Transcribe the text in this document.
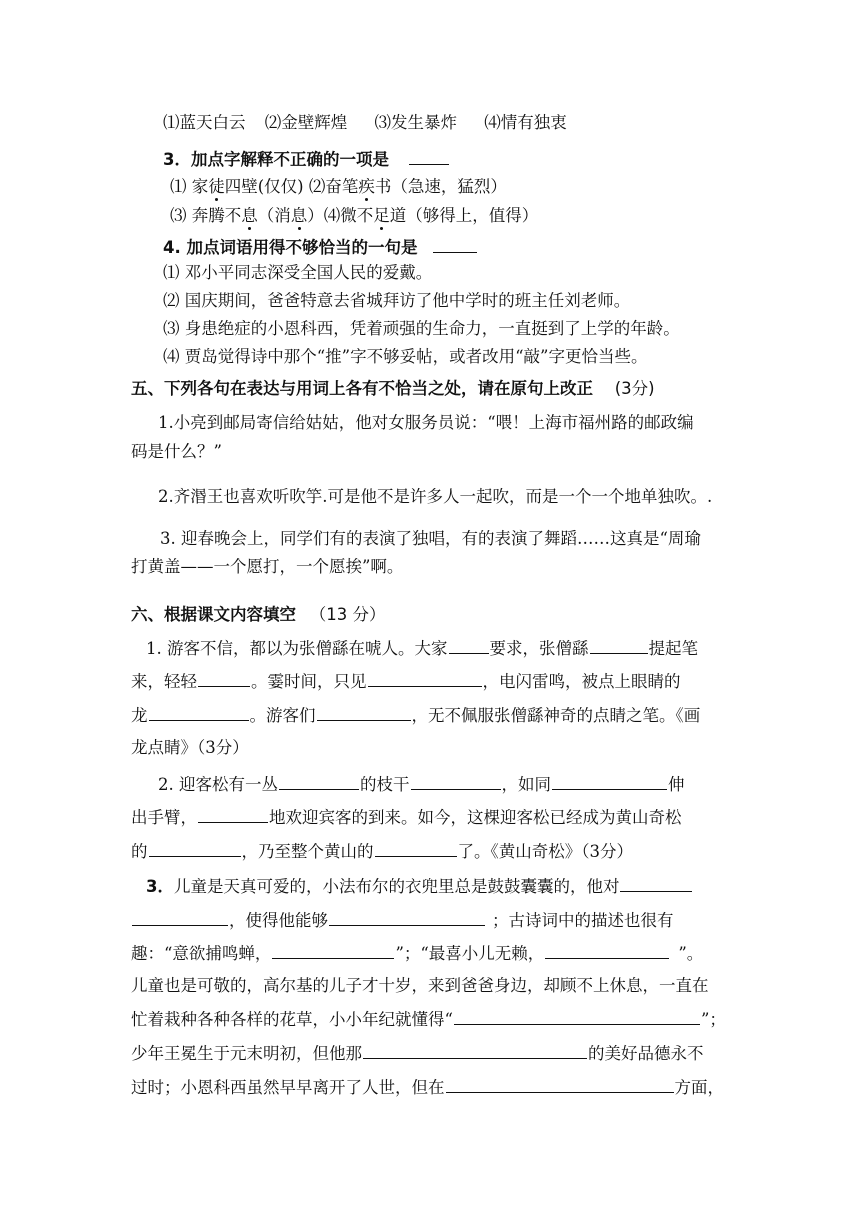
⑴蓝天白云 ⑵金壁辉煌 ⑶发生暴炸 ⑷情有独衷
3．加点字解释不正确的一项是
⑴ 家徒四壁(仅仅) ⑵奋笔疾书（急速，猛烈）
⑶ 奔腾不息（消息）⑷微不足道（够得上，值得）
4. 加点词语用得不够恰当的一句是
⑴ 邓小平同志深受全国人民的爱戴。
⑵ 国庆期间，爸爸特意去省城拜访了他中学时的班主任刘老师。
⑶ 身患绝症的小恩科西，凭着顽强的生命力，一直挺到了上学的年龄。
⑷ 贾岛觉得诗中那个“推”字不够妥帖，或者改用“敲”字更恰当些。
五、下列各句在表达与用词上各有不恰当之处，请在原句上改正 (3分)
1.小亮到邮局寄信给姑姑，他对女服务员说：“喂！上海市福州路的邮政编
码是什么？”
2.齐湣王也喜欢听吹竽.可是他不是许多人一起吹，而是一个一个地单独吹。.
3. 迎春晚会上，同学们有的表演了独唱，有的表演了舞蹈……这真是“周瑜
打黄盖——一个愿打，一个愿挨”啊。
六、根据课文内容填空 （13 分）
1. 游客不信，都以为张僧繇在唬人。大家	要求，张僧繇	提起笔
来，轻轻	。霎时间，只见	，电闪雷鸣，被点上眼睛的
龙	。游客们	，无不佩服张僧繇神奇的点睛之笔。《画
龙点睛》（3分）
2. 迎客松有一丛	的枝干	，如同	伸
出手臂，	地欢迎宾客的到来。如今，这棵迎客松已经成为黄山奇松
的	，乃至整个黄山的	了。《黄山奇松》（3分）
3．儿童是天真可爱的，小法布尔的衣兜里总是鼓鼓囊囊的，他对
，使得他能够	；古诗词中的描述也很有
趣：“意欲捕鸣蝉，	”；“最喜小儿无赖，	”。
儿童也是可敬的，高尔基的儿子才十岁，来到爸爸身边，却顾不上休息，一直在
忙着栽种各种各样的花草，小小年纪就懂得“	”；
少年王冕生于元末明初，但他那	的美好品德永不
过时；小恩科西虽然早早离开了人世，但在	方面，
